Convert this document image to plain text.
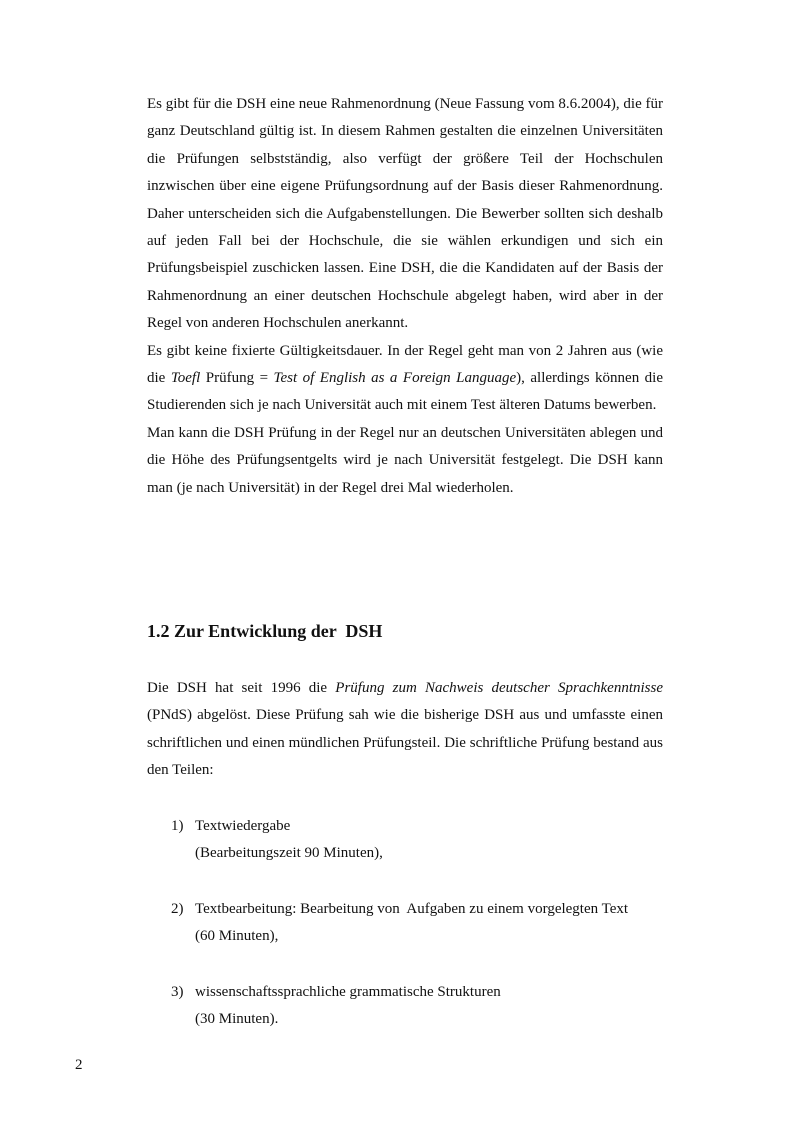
Es gibt für die DSH eine neue Rahmenordnung (Neue Fassung vom 8.6.2004), die für ganz Deutschland gültig ist. In diesem Rahmen gestalten die einzelnen Universitäten die Prüfungen selbstständig, also verfügt der größere Teil der Hochschulen inzwischen über eine eigene Prüfungsordnung auf der Basis dieser Rahmenordnung. Daher unterscheiden sich die Aufgabenstellungen. Die Bewerber sollten sich deshalb auf jeden Fall bei der Hochschule, die sie wählen erkundigen und sich ein Prüfungsbeispiel zuschicken lassen. Eine DSH, die die Kandidaten auf der Basis der Rahmenordnung an einer deutschen Hochschule abgelegt haben, wird aber in der Regel von anderen Hochschulen anerkannt.

Es gibt keine fixierte Gültigkeitsdauer. In der Regel geht man von 2 Jahren aus (wie die Toefl Prüfung = Test of English as a Foreign Language), allerdings können die Studierenden sich je nach Universität auch mit einem Test älteren Datums bewerben.

Man kann die DSH Prüfung in der Regel nur an deutschen Universitäten ablegen und die Höhe des Prüfungsentgelts wird je nach Universität festgelegt. Die DSH kann man (je nach Universität) in der Regel drei Mal wiederholen.

1.2 Zur Entwicklung der  DSH

Die DSH hat seit 1996 die Prüfung zum Nachweis deutscher Sprachkenntnisse (PNdS) abgelöst. Diese Prüfung sah wie die bisherige DSH aus und umfasste einen schriftlichen und einen mündlichen Prüfungsteil. Die schriftliche Prüfung bestand aus den Teilen:

1) Textwiedergabe
(Bearbeitungszeit 90 Minuten),
2) Textbearbeitung: Bearbeitung von  Aufgaben zu einem vorgelegten Text
(60 Minuten),
3) wissenschaftssprachliche grammatische Strukturen
(30 Minuten).
2
